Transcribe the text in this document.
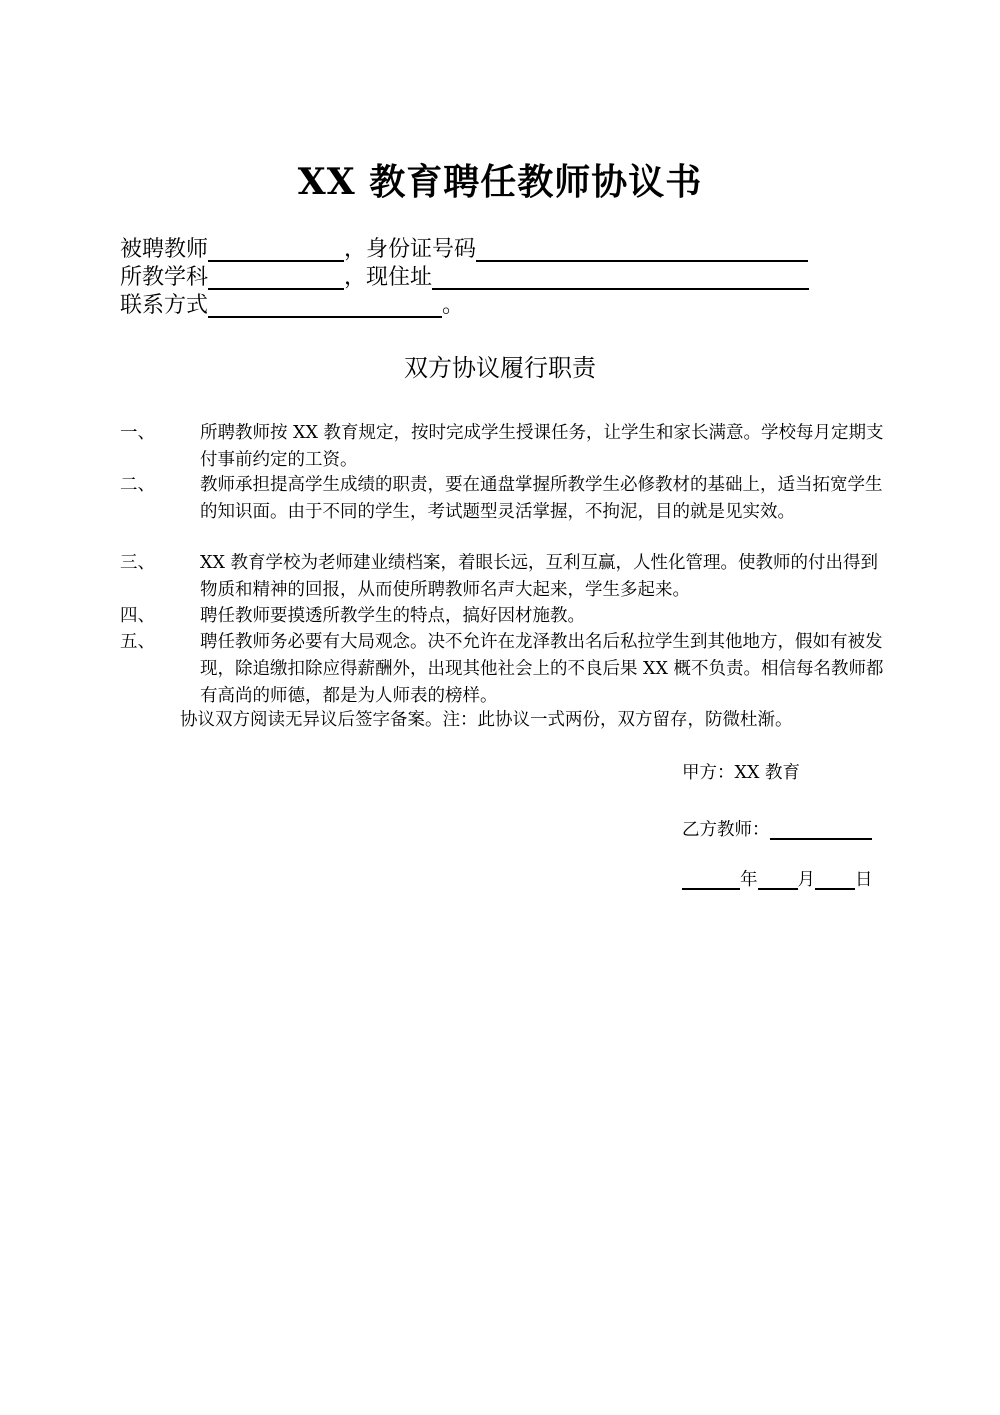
XX 教育聘任教师协议书
被聘教师	，身份证号码
所教学科	，现住址
联系方式	。
双方协议履行职责
一、	所聘教师按 XX 教育规定，按时完成学生授课任务，让学生和家长满意。学校每月定期支付事前约定的工资。
二、	教师承担提高学生成绩的职责，要在通盘掌握所教学生必修教材的基础上，适当拓宽学生的知识面。由于不同的学生，考试题型灵活掌握，不拘泥，目的就是见实效。
三、	XX 教育学校为老师建业绩档案，着眼长远，互利互赢，人性化管理。使教师的付出得到物质和精神的回报，从而使所聘教师名声大起来，学生多起来。
四、	聘任教师要摸透所教学生的特点，搞好因材施教。
五、	聘任教师务必要有大局观念。决不允许在龙泽教出名后私拉学生到其他地方，假如有被发现，除追缴扣除应得薪酬外，出现其他社会上的不良后果 XX 概不负责。相信每名教师都有高尚的师德，都是为人师表的榜样。
协议双方阅读无异议后签字备案。注：此协议一式两份，双方留存，防微杜渐。
甲方：XX 教育
乙方教师：
年 月 日
